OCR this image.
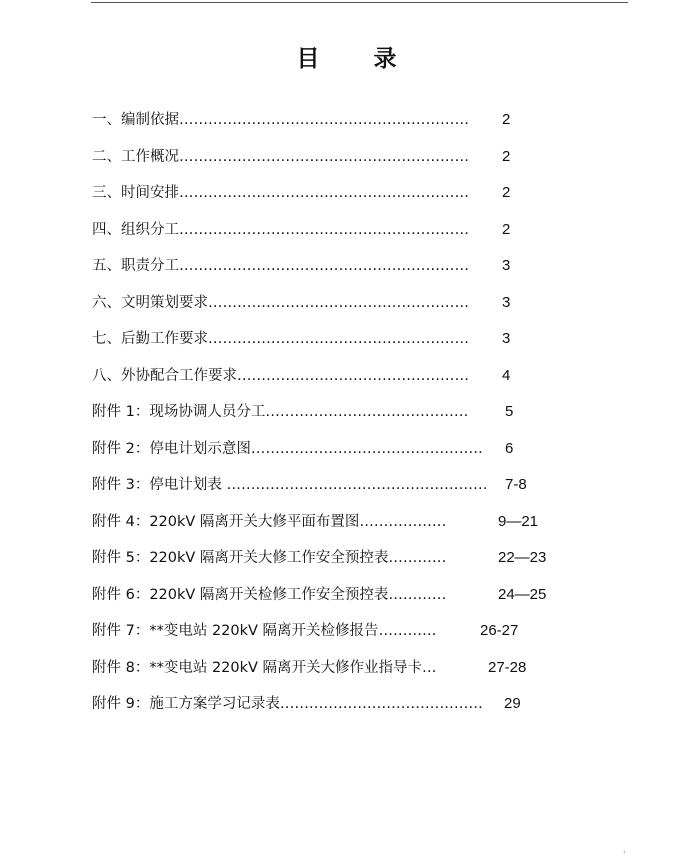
目 录
一、编制依据…………………………………………………… 2
二、工作概况…………………………………………………… 2
三、时间安排…………………………………………………… 2
四、组织分工…………………………………………………… 2
五、职责分工…………………………………………………… 3
六、文明策划要求……………………………………………… 3
七、后勤工作要求……………………………………………… 3
八、外协配合工作要求………………………………………… 4
附件 1：现场协调人员分工…………………………………… 5
附件 2：停电计划示意图………………………………………… 6
附件 3：停电计划表 ……………………………………………… 7-8
附件 4：220kV 隔离开关大修平面布置图………………	9—21
附件 5：220kV 隔离开关大修工作安全预控表…………	22—23
附件 6：220kV 隔离开关检修工作安全预控表…………	24—25
附件 7：**变电站 220kV 隔离开关检修报告…………	26-27
附件 8：**变电站 220kV 隔离开关大修作业指导卡…	27-28
附件 9：施工方案学习记录表…………………………………… 29
·
